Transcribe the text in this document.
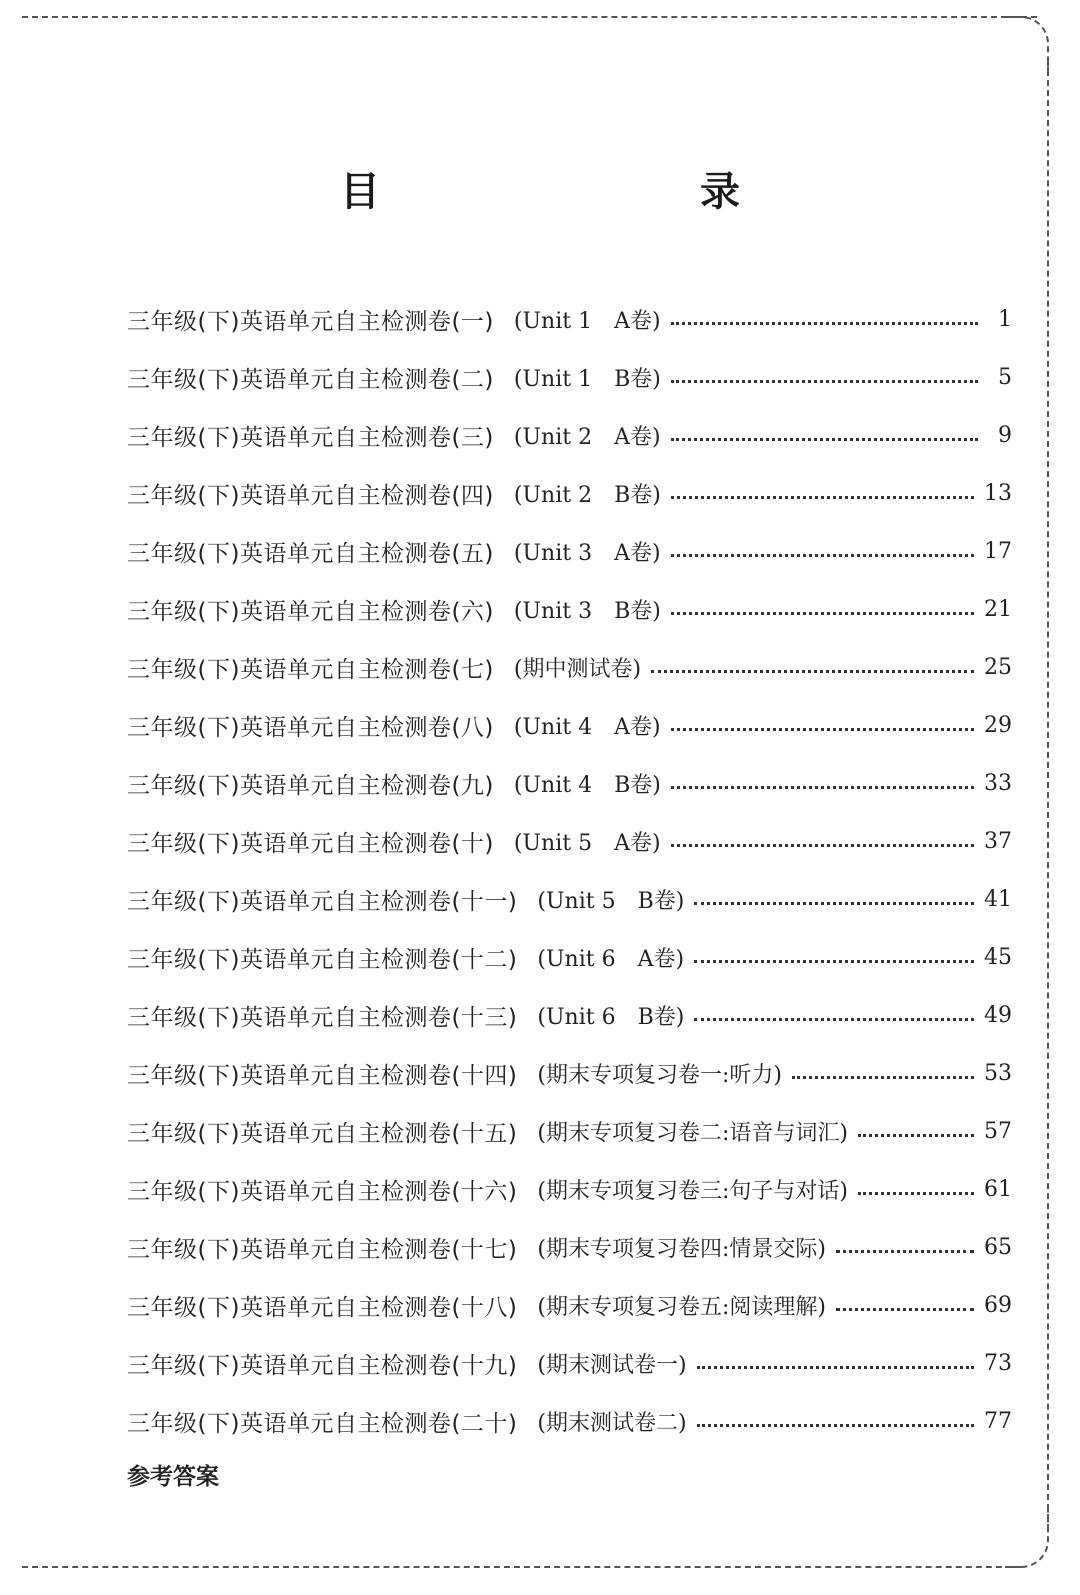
目　　录
三年级(下)英语单元自主检测卷(一) (Unit 1　A卷)	1
三年级(下)英语单元自主检测卷(二) (Unit 1　B卷)	5
三年级(下)英语单元自主检测卷(三) (Unit 2　A卷)	9
三年级(下)英语单元自主检测卷(四) (Unit 2　B卷)	13
三年级(下)英语单元自主检测卷(五) (Unit 3　A卷)	17
三年级(下)英语单元自主检测卷(六) (Unit 3　B卷)	21
三年级(下)英语单元自主检测卷(七) (期中测试卷)	25
三年级(下)英语单元自主检测卷(八) (Unit 4　A卷)	29
三年级(下)英语单元自主检测卷(九) (Unit 4　B卷)	33
三年级(下)英语单元自主检测卷(十) (Unit 5　A卷)	37
三年级(下)英语单元自主检测卷(十一) (Unit 5　B卷)	41
三年级(下)英语单元自主检测卷(十二) (Unit 6　A卷)	45
三年级(下)英语单元自主检测卷(十三) (Unit 6　B卷)	49
三年级(下)英语单元自主检测卷(十四) (期末专项复习卷一:听力)	53
三年级(下)英语单元自主检测卷(十五) (期末专项复习卷二:语音与词汇)	57
三年级(下)英语单元自主检测卷(十六) (期末专项复习卷三:句子与对话)	61
三年级(下)英语单元自主检测卷(十七) (期末专项复习卷四:情景交际)	65
三年级(下)英语单元自主检测卷(十八) (期末专项复习卷五:阅读理解)	69
三年级(下)英语单元自主检测卷(十九) (期末测试卷一)	73
三年级(下)英语单元自主检测卷(二十) (期末测试卷二)	77
参考答案
